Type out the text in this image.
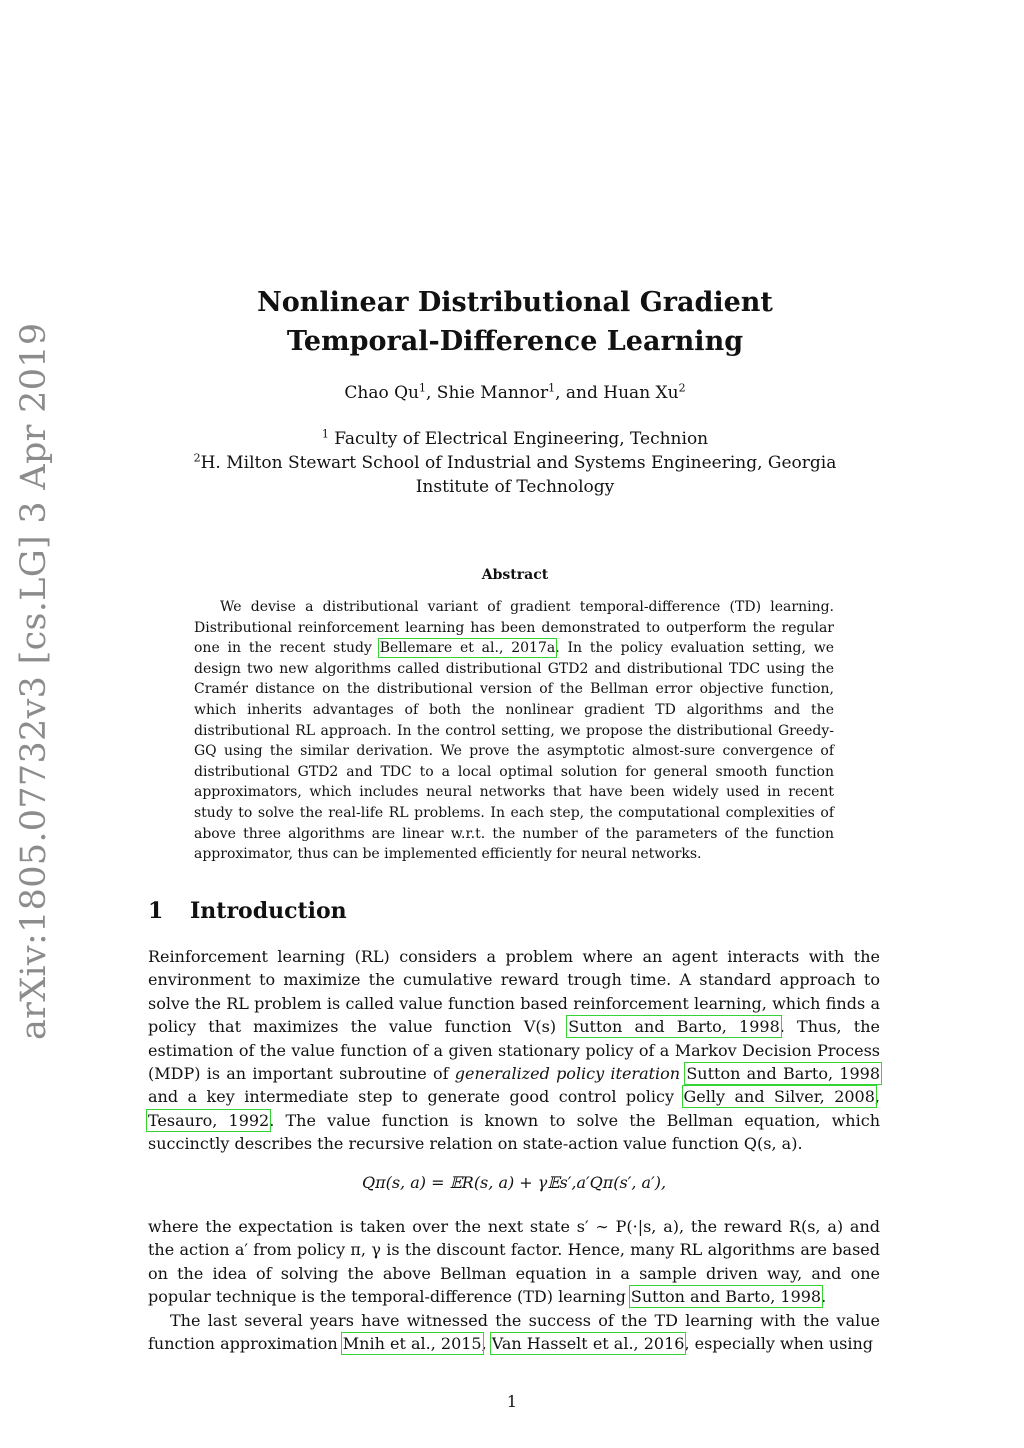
arXiv:1805.07732v3 [cs.LG] 3 Apr 2019
Nonlinear Distributional Gradient
Temporal-Difference Learning
Chao Qu$^1$, Shie Mannor$^1$, and Huan Xu$^2$
$^1$ Faculty of Electrical Engineering, Technion
$^2$H. Milton Stewart School of Industrial and Systems Engineering, Georgia
Institute of Technology
Abstract
We devise a distributional variant of gradient temporal-difference (TD) learning. Distributional reinforcement learning has been demonstrated to outperform the regular one in the recent study Bellemare et al., 2017a. In the policy evaluation setting, we design two new algorithms called distributional GTD2 and distributional TDC using the Cramér distance on the distributional version of the Bellman error objective function, which inherits advantages of both the nonlinear gradient TD algorithms and the distributional RL approach. In the control setting, we propose the distributional Greedy-GQ using the similar derivation. We prove the asymptotic almost-sure convergence of distributional GTD2 and TDC to a local optimal solution for general smooth function approximators, which includes neural networks that have been widely used in recent study to solve the real-life RL problems. In each step, the computational complexities of above three algorithms are linear w.r.t. the number of the parameters of the function approximator, thus can be implemented efficiently for neural networks.
1 Introduction

Reinforcement learning (RL) considers a problem where an agent interacts with the environment to maximize the cumulative reward trough time. A standard approach to solve the RL problem is called value function based reinforcement learning, which finds a policy that maximizes the value function V(s) Sutton and Barto, 1998. Thus, the estimation of the value function of a given stationary policy of a Markov Decision Process (MDP) is an important subroutine of generalized policy iteration Sutton and Barto, 1998 and a key intermediate step to generate good control policy Gelly and Silver, 2008, Tesauro, 1992. The value function is known to solve the Bellman equation, which succinctly describes the recursive relation on state-action value function Q(s, a).

Qπ(s, a) = 𝔼R(s, a) + γ𝔼s′,a′Qπ(s′, a′),

where the expectation is taken over the next state s′ ∼ P(·|s, a), the reward R(s, a) and the action a′ from policy π, γ is the discount factor. Hence, many RL algorithms are based on the idea of solving the above Bellman equation in a sample driven way, and one popular technique is the temporal-difference (TD) learning Sutton and Barto, 1998.

The last several years have witnessed the success of the TD learning with the value function approximation Mnih et al., 2015, Van Hasselt et al., 2016, especially when using

1
